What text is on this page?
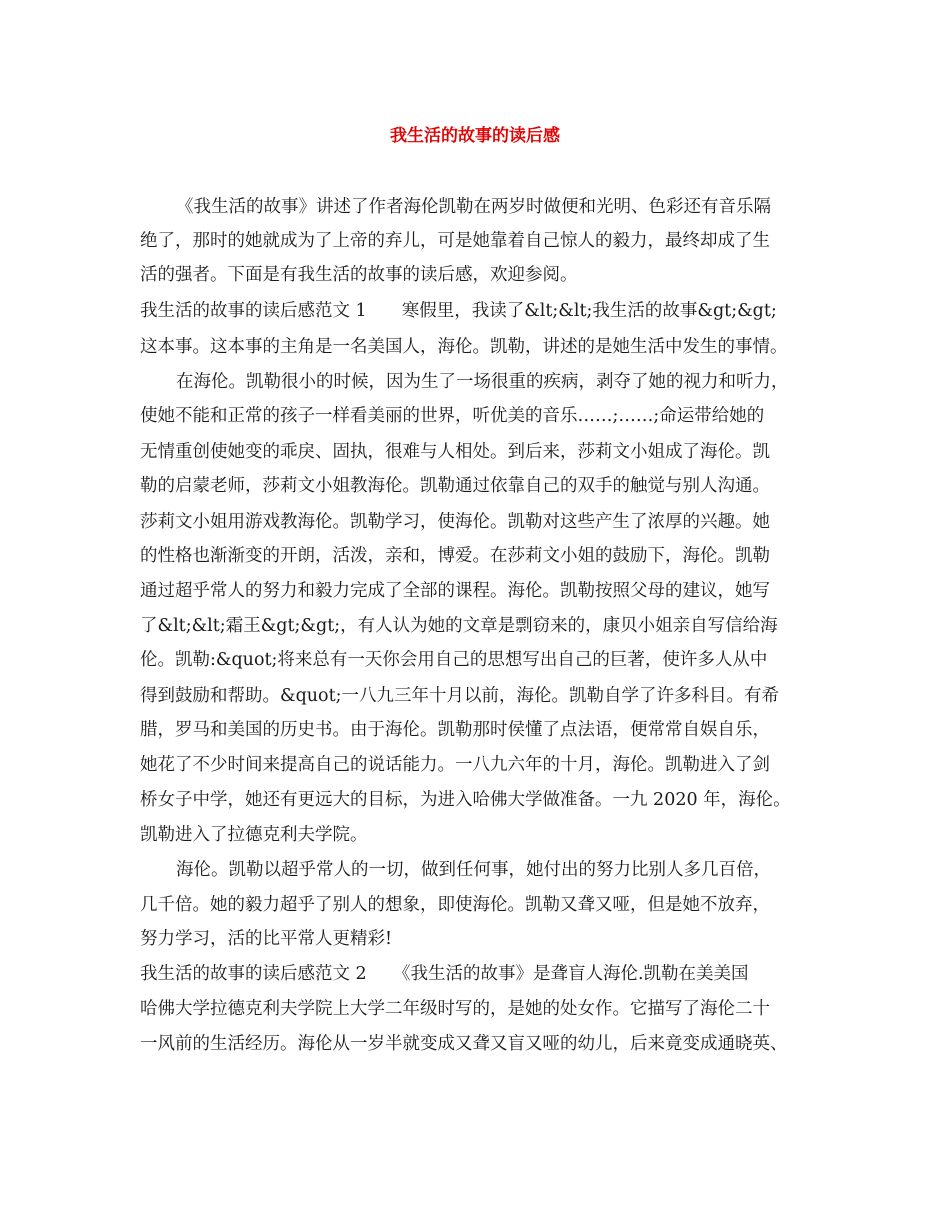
我生活的故事的读后感
《我生活的故事》讲述了作者海伦凯勒在两岁时做便和光明、色彩还有音乐隔
绝了，那时的她就成为了上帝的弃儿，可是她靠着自己惊人的毅力，最终却成了生
活的强者。下面是有我生活的故事的读后感，欢迎参阅。
我生活的故事的读后感范文 1　　寒假里，我读了&lt;&lt;我生活的故事&gt;&gt;
这本事。这本事的主角是一名美国人，海伦。凯勒，讲述的是她生活中发生的事情。
在海伦。凯勒很小的时候，因为生了一场很重的疾病，剥夺了她的视力和听力，
使她不能和正常的孩子一样看美丽的世界，听优美的音乐……;……;命运带给她的
无情重创使她变的乖戾、固执，很难与人相处。到后来，莎莉文小姐成了海伦。凯
勒的启蒙老师，莎莉文小姐教海伦。凯勒通过依靠自己的双手的触觉与别人沟通。
莎莉文小姐用游戏教海伦。凯勒学习，使海伦。凯勒对这些产生了浓厚的兴趣。她
的性格也渐渐变的开朗，活泼，亲和，博爱。在莎莉文小姐的鼓励下，海伦。凯勒
通过超乎常人的努力和毅力完成了全部的课程。海伦。凯勒按照父母的建议，她写
了&lt;&lt;霜王&gt;&gt;，有人认为她的文章是剽窃来的，康贝小姐亲自写信给海
伦。凯勒:&quot;将来总有一天你会用自己的思想写出自己的巨著，使许多人从中
得到鼓励和帮助。&quot;一八九三年十月以前，海伦。凯勒自学了许多科目。有希
腊，罗马和美国的历史书。由于海伦。凯勒那时侯懂了点法语，便常常自娱自乐，
她花了不少时间来提高自己的说话能力。一八九六年的十月，海伦。凯勒进入了剑
桥女子中学，她还有更远大的目标，为进入哈佛大学做准备。一九 2020 年，海伦。
凯勒进入了拉德克利夫学院。
海伦。凯勒以超乎常人的一切，做到任何事，她付出的努力比别人多几百倍，
几千倍。她的毅力超乎了别人的想象，即使海伦。凯勒又聋又哑，但是她不放弃，
努力学习，活的比平常人更精彩!
我生活的故事的读后感范文 2　　《我生活的故事》是聋盲人海伦.凯勒在美美国
哈佛大学拉德克利夫学院上大学二年级时写的，是她的处女作。它描写了海伦二十
一风前的生活经历。海伦从一岁半就变成又聋又盲又哑的幼儿，后来竟变成通晓英、
